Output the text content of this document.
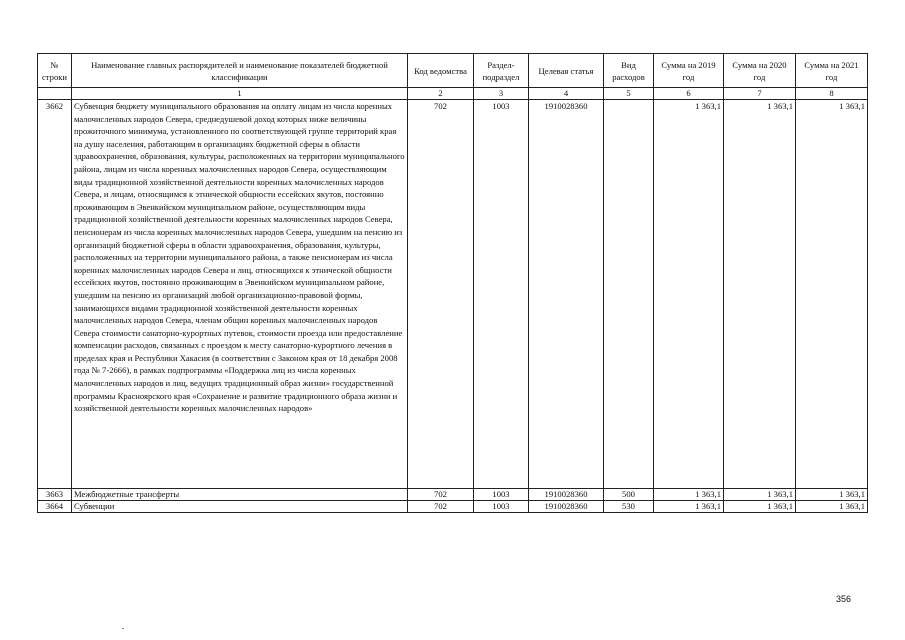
№ строки	Наименование главных распорядителей и наименование показателей бюджетной классификации	Код ведомства	Раздел-подраздел	Целевая статья	Вид расходов	Сумма на 2019 год	Сумма на 2020 год	Сумма на 2021 год
	1	2	3	4	5	6	7	8
3662	Субвенция бюджету муниципального образования на оплату лицам из числа коренных малочисленных народов Севера, среднедушевой доход которых ниже величины прожиточного минимума, установленного по соответствующей группе территорий края на душу населения, работающим в организациях бюджетной сферы в области здравоохранения, образования, культуры, расположенных на территории муниципального района, лицам из числа коренных малочисленных народов Севера, осуществляющим виды традиционной хозяйственной деятельности коренных малочисленных народов Севера, и лицам, относящимся к этнической общности ессейских якутов, постоянно проживающим в Эвенкийском муниципальном районе, осуществляющим виды традиционной хозяйственной деятельности коренных малочисленных народов Севера, пенсионерам из числа коренных малочисленных народов Севера, ушедшим на пенсию из организаций бюджетной сферы в области здравоохранения, образования, культуры, расположенных на территории муниципального района, а также пенсионерам из числа коренных малочисленных народов Севера и лиц, относящихся к этнической общности ессейских якутов, постоянно проживающим в Эвенкийском муниципальном районе, ушедшим на пенсию из организаций любой организационно-правовой формы, занимающихся видами традиционной хозяйственной деятельности коренных малочисленных народов Севера, членам общин коренных малочисленных народов Севера стоимости санаторно-курортных путевок, стоимости проезда или предоставление компенсации расходов, связанных с проездом к месту санаторно-курортного лечения в пределах края и Республики Хакасия (в соответствии с Законом края от 18 декабря 2008 года № 7-2666), в рамках подпрограммы «Поддержка лиц из числа коренных малочисленных народов и лиц, ведущих традиционный образ жизни» государственной программы Красноярского края «Сохранение и развитие традиционного образа жизни и хозяйственной деятельности коренных малочисленных народов»	702	1003	1910028360		1 363,1	1 363,1	1 363,1
3663	Межбюджетные трансферты	702	1003	1910028360	500	1 363,1	1 363,1	1 363,1
3664	Субвенции	702	1003	1910028360	530	1 363,1	1 363,1	1 363,1
356
